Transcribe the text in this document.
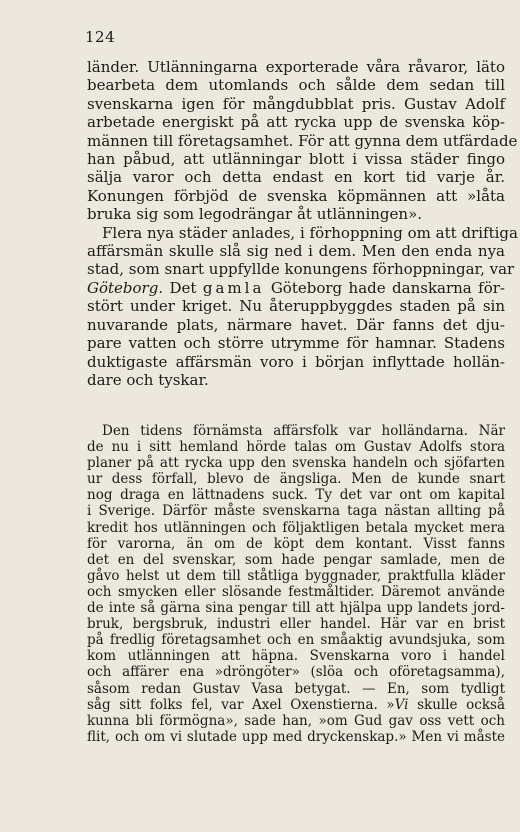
124
länder. Utlänningarna exporterade våra råvaror, läto
bearbeta dem utomlands och sålde dem sedan till
svenskarna igen för mångdubblat pris. Gustav Adolf
arbetade energiskt på att rycka upp de svenska köp-
männen till företagsamhet. För att gynna dem utfärdade
han påbud, att utlänningar blott i vissa städer fingo
sälja varor och detta endast en kort tid varje år.
Konungen förbjöd de svenska köpmännen att »låta
bruka sig som legodrängar åt utlänningen».
Flera nya städer anlades, i förhoppning om att driftiga
affärsmän skulle slå sig ned i dem. Men den enda nya
stad, som snart uppfyllde konungens förhoppningar, var
Göteborg. Det gamla Göteborg hade danskarna för-
stört under kriget. Nu återuppbyggdes staden på sin
nuvarande plats, närmare havet. Där fanns det dju-
pare vatten och större utrymme för hamnar. Stadens
duktigaste affärsmän voro i början inflyttade hollän-
dare och tyskar.
Den tidens förnämsta affärsfolk var holländarna. När
de nu i sitt hemland hörde talas om Gustav Adolfs stora
planer på att rycka upp den svenska handeln och sjöfarten
ur dess förfall, blevo de ängsliga. Men de kunde snart
nog draga en lättnadens suck. Ty det var ont om kapital
i Sverige. Därför måste svenskarna taga nästan allting på
kredit hos utlänningen och följaktligen betala mycket mera
för varorna, än om de köpt dem kontant. Visst fanns
det en del svenskar, som hade pengar samlade, men de
gåvo helst ut dem till ståtliga byggnader, praktfulla kläder
och smycken eller slösande festmåltider. Däremot använde
de inte så gärna sina pengar till att hjälpa upp landets jord-
bruk, bergsbruk, industri eller handel. Här var en brist
på fredlig företagsamhet och en småaktig avundsjuka, som
kom utlänningen att häpna. Svenskarna voro i handel
och affärer ena »dröngöter» (slöa och oföretagsamma),
såsom redan Gustav Vasa betygat. — En, som tydligt
såg sitt folks fel, var Axel Oxenstierna. »Vi skulle också
kunna bli förmögna», sade han, »om Gud gav oss vett och
flit, och om vi slutade upp med dryckenskap.» Men vi måste
